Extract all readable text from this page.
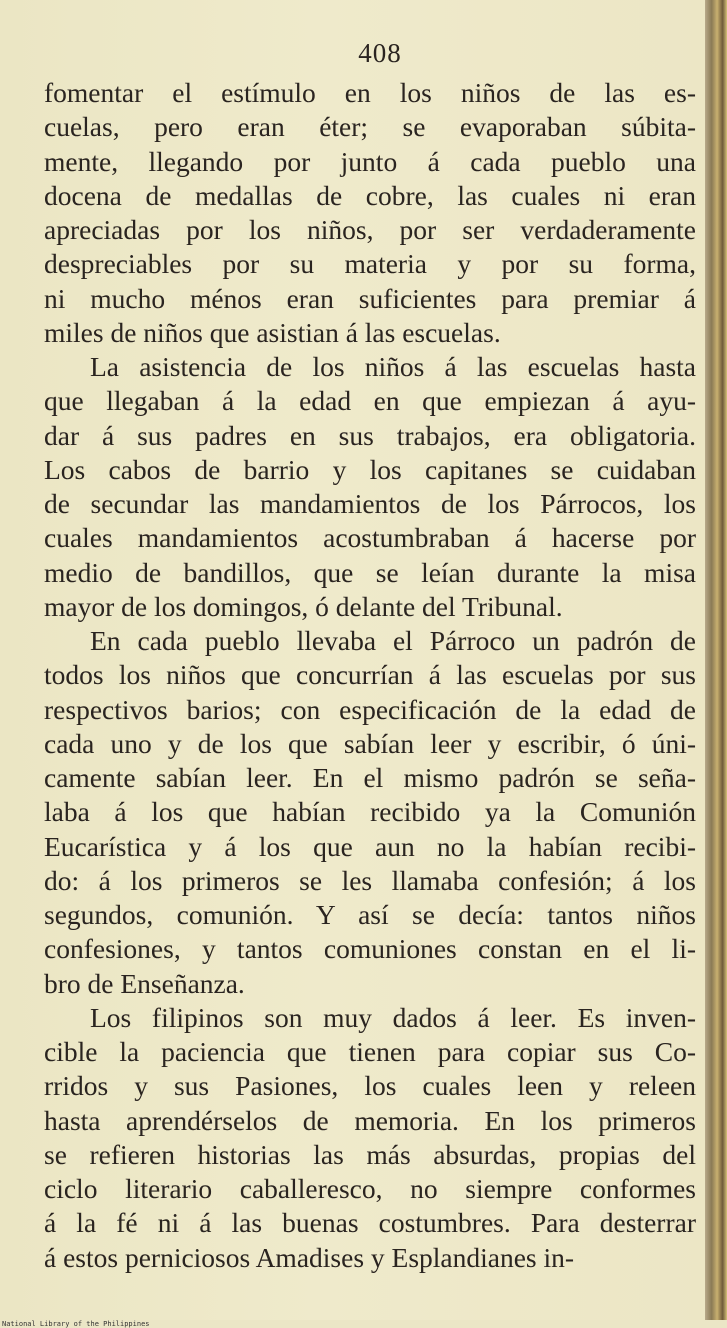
408
fomentar el estímulo en los niños de las es-
cuelas, pero eran éter; se evaporaban súbita-
mente, llegando por junto á cada pueblo una
docena de medallas de cobre, las cuales ni eran
apreciadas por los niños, por ser verdaderamente
despreciables por su materia y por su forma,
ni mucho ménos eran suficientes para premiar á
miles de niños que asistian á las escuelas.
La asistencia de los niños á las escuelas hasta
que llegaban á la edad en que empiezan á ayu-
dar á sus padres en sus trabajos, era obligatoria.
Los cabos de barrio y los capitanes se cuidaban
de secundar las mandamientos de los Párrocos, los
cuales mandamientos acostumbraban á hacerse por
medio de bandillos, que se leían durante la misa
mayor de los domingos, ó delante del Tribunal.
En cada pueblo llevaba el Párroco un padrón de
todos los niños que concurrían á las escuelas por sus
respectivos barios; con especificación de la edad de
cada uno y de los que sabían leer y escribir, ó úni-
camente sabían leer. En el mismo padrón se seña-
laba á los que habían recibido ya la Comunión
Eucarística y á los que aun no la habían recibi-
do: á los primeros se les llamaba confesión; á los
segundos, comunión. Y así se decía: tantos niños
confesiones, y tantos comuniones constan en el li-
bro de Enseñanza.
Los filipinos son muy dados á leer. Es inven-
cible la paciencia que tienen para copiar sus Co-
rridos y sus Pasiones, los cuales leen y releen
hasta aprendérselos de memoria. En los primeros
se refieren historias las más absurdas, propias del
ciclo literario caballeresco, no siempre conformes
á la fé ni á las buenas costumbres. Para desterrar
á estos perniciosos Amadises y Esplandianes in-
National Library of the Philippines
